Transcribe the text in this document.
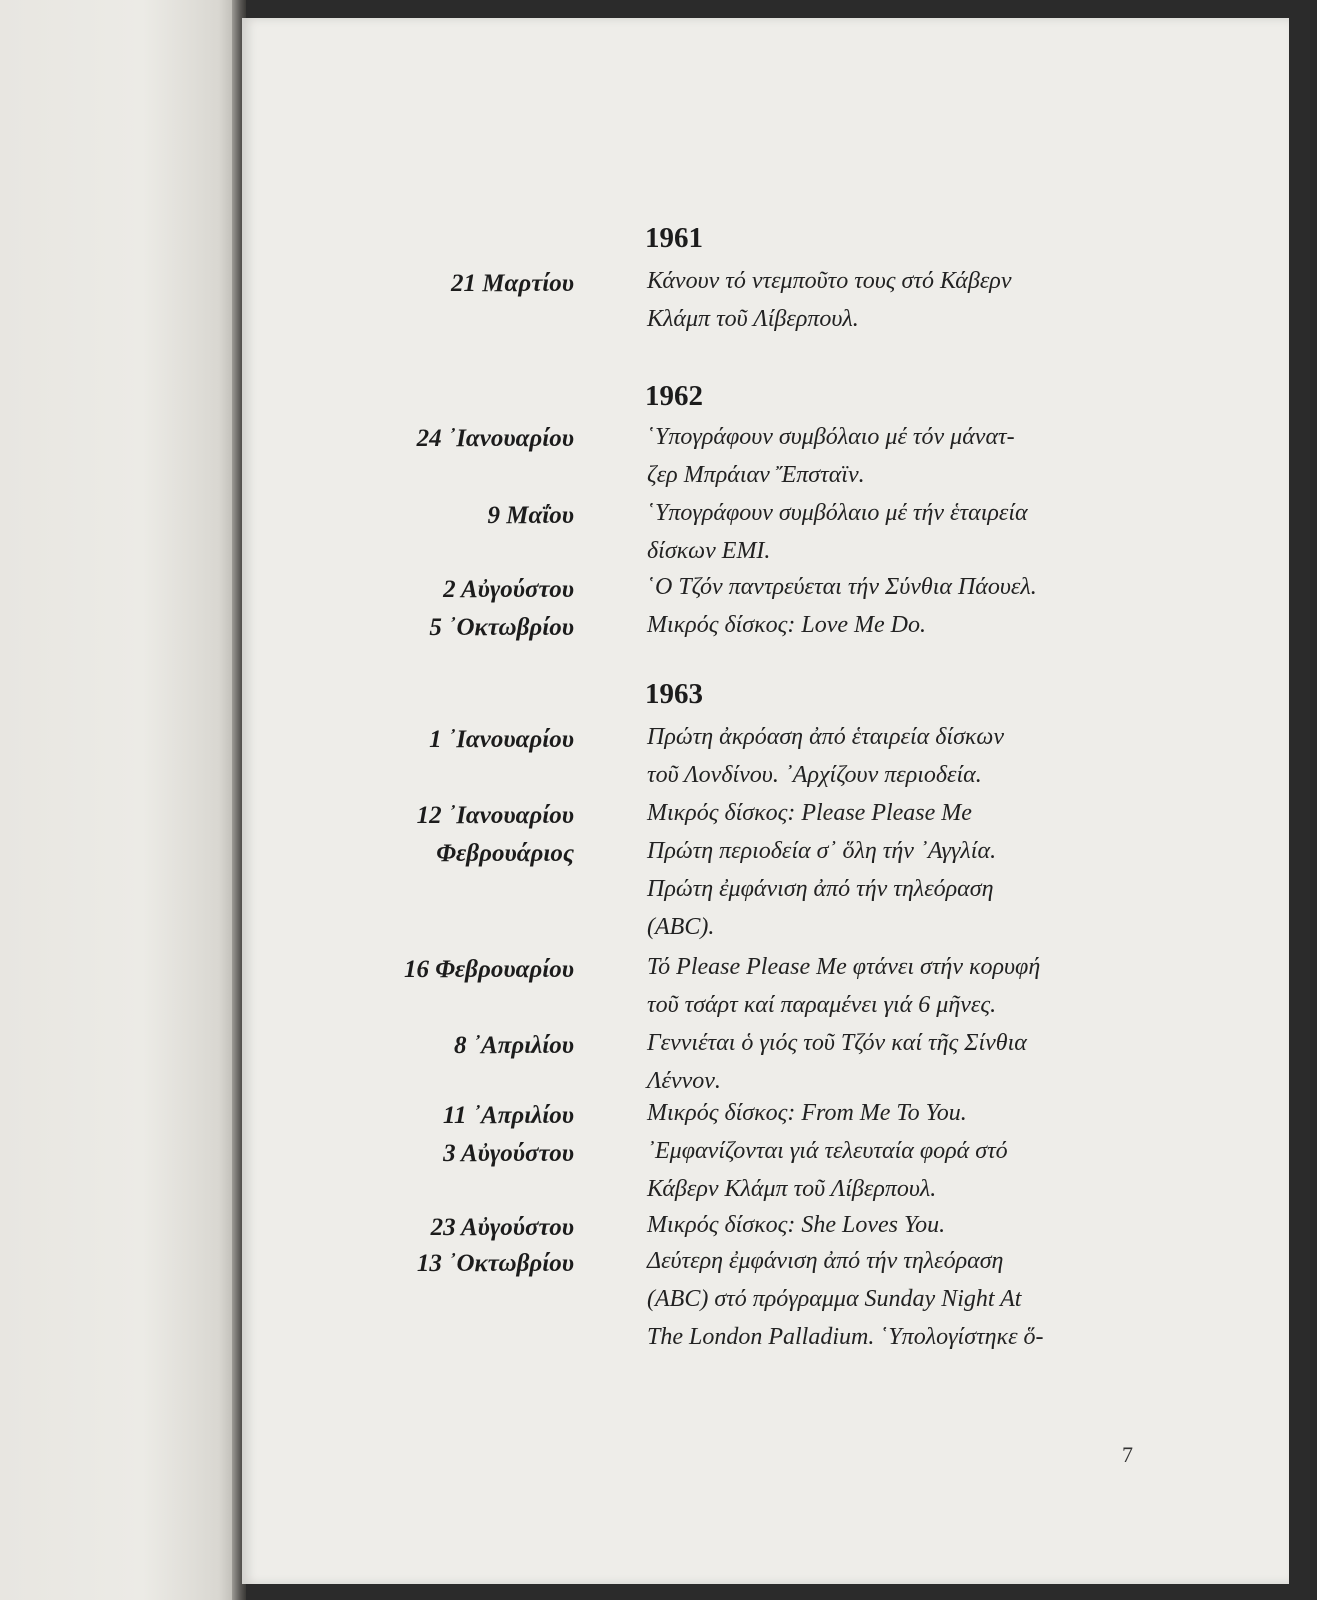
1961
21 Μαρτίου	Κάνουν τό ντεμποῦτο τους στό Κάβερν
Κλάμπ τοῦ Λίβερπουλ.
1962
24 ᾿Ιανουαρίου	῾Υπογράφουν συμβόλαιο μέ τόν μάνατ-
ζερ Μπράιαν Ἔπσταϊν.
9 Μαΐου	῾Υπογράφουν συμβόλαιο μέ τήν ἑταιρεία
δίσκων EMI.
2 Αὐγούστου	῾Ο Τζόν παντρεύεται τήν Σύνθια Πάουελ.
5 ᾿Οκτωβρίου	Μικρός δίσκος: Love Me Do.
1963
1 ᾿Ιανουαρίου	Πρώτη ἀκρόαση ἀπό ἑταιρεία δίσκων
τοῦ Λονδίνου. ᾿Αρχίζουν περιοδεία.
12 ᾿Ιανουαρίου	Μικρός δίσκος: Please Please Me
Φεβρουάριος	Πρώτη περιοδεία σ᾿ ὅλη τήν ᾿Αγγλία.
Πρώτη ἐμφάνιση ἀπό τήν τηλεόραση
(ABC).
16 Φεβρουαρίου	Τό Please Please Me φτάνει στήν κορυφή
τοῦ τσάρτ καί παραμένει γιά 6 μῆνες.
8 ᾿Απριλίου	Γεννιέται ὁ γιός τοῦ Τζόν καί τῆς Σίνθια
Λέννον.
11 ᾿Απριλίου	Μικρός δίσκος: From Me To You.
3 Αὐγούστου	᾿Εμφανίζονται γιά τελευταία φορά στό
Κάβερν Κλάμπ τοῦ Λίβερπουλ.
23 Αὐγούστου	Μικρός δίσκος: She Loves You.
13 ᾿Οκτωβρίου	Δεύτερη ἐμφάνιση ἀπό τήν τηλεόραση
(ABC) στό πρόγραμμα Sunday Night At
The London Palladium. ῾Υπολογίστηκε ὅ-
7
